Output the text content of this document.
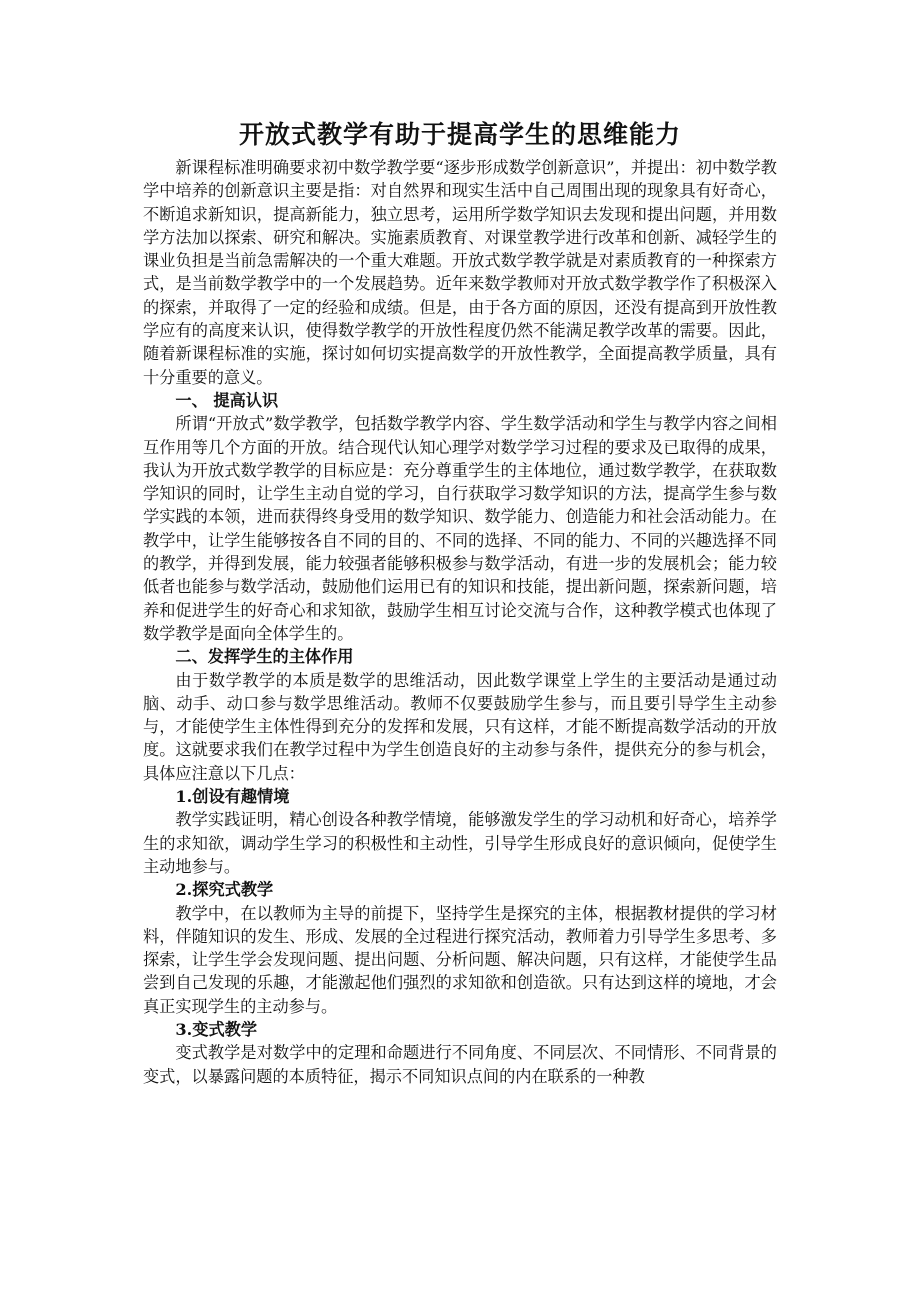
开放式教学有助于提高学生的思维能力

新课程标准明确要求初中数学教学要“逐步形成数学创新意识”，并提出：初中数学教学中培养的创新意识主要是指：对自然界和现实生活中自己周围出现的现象具有好奇心，不断追求新知识，提高新能力，独立思考，运用所学数学知识去发现和提出问题，并用数学方法加以探索、研究和解决。实施素质教育、对课堂教学进行改革和创新、减轻学生的课业负担是当前急需解决的一个重大难题。开放式数学教学就是对素质教育的一种探索方式，是当前数学教学中的一个发展趋势。近年来数学教师对开放式数学教学作了积极深入的探索，并取得了一定的经验和成绩。但是，由于各方面的原因，还没有提高到开放性教学应有的高度来认识，使得数学教学的开放性程度仍然不能满足教学改革的需要。因此，随着新课程标准的实施，探讨如何切实提高数学的开放性教学，全面提高教学质量，具有十分重要的意义。

一、 提高认识

所谓“开放式”数学教学，包括数学教学内容、学生数学活动和学生与教学内容之间相互作用等几个方面的开放。结合现代认知心理学对数学学习过程的要求及已取得的成果，我认为开放式数学教学的目标应是：充分尊重学生的主体地位，通过数学教学，在获取数学知识的同时，让学生主动自觉的学习，自行获取学习数学知识的方法，提高学生参与数学实践的本领，进而获得终身受用的数学知识、数学能力、创造能力和社会活动能力。在教学中，让学生能够按各自不同的目的、不同的选择、不同的能力、不同的兴趣选择不同的教学，并得到发展，能力较强者能够积极参与数学活动，有进一步的发展机会；能力较低者也能参与数学活动，鼓励他们运用已有的知识和技能，提出新问题，探索新问题，培养和促进学生的好奇心和求知欲，鼓励学生相互讨论交流与合作，这种教学模式也体现了数学教学是面向全体学生的。

二、发挥学生的主体作用

由于数学教学的本质是数学的思维活动，因此数学课堂上学生的主要活动是通过动脑、动手、动口参与数学思维活动。教师不仅要鼓励学生参与，而且要引导学生主动参与，才能使学生主体性得到充分的发挥和发展，只有这样，才能不断提高数学活动的开放度。这就要求我们在教学过程中为学生创造良好的主动参与条件，提供充分的参与机会，具体应注意以下几点：

1.创设有趣情境

教学实践证明，精心创设各种教学情境，能够激发学生的学习动机和好奇心，培养学生的求知欲，调动学生学习的积极性和主动性，引导学生形成良好的意识倾向，促使学生主动地参与。

2.探究式教学

教学中，在以教师为主导的前提下，坚持学生是探究的主体，根据教材提供的学习材料，伴随知识的发生、形成、发展的全过程进行探究活动，教师着力引导学生多思考、多探索，让学生学会发现问题、提出问题、分析问题、解决问题，只有这样，才能使学生品尝到自己发现的乐趣，才能激起他们强烈的求知欲和创造欲。只有达到这样的境地，才会真正实现学生的主动参与。

3.变式教学

变式教学是对数学中的定理和命题进行不同角度、不同层次、不同情形、不同背景的变式，以暴露问题的本质特征，揭示不同知识点间的内在联系的一种教
